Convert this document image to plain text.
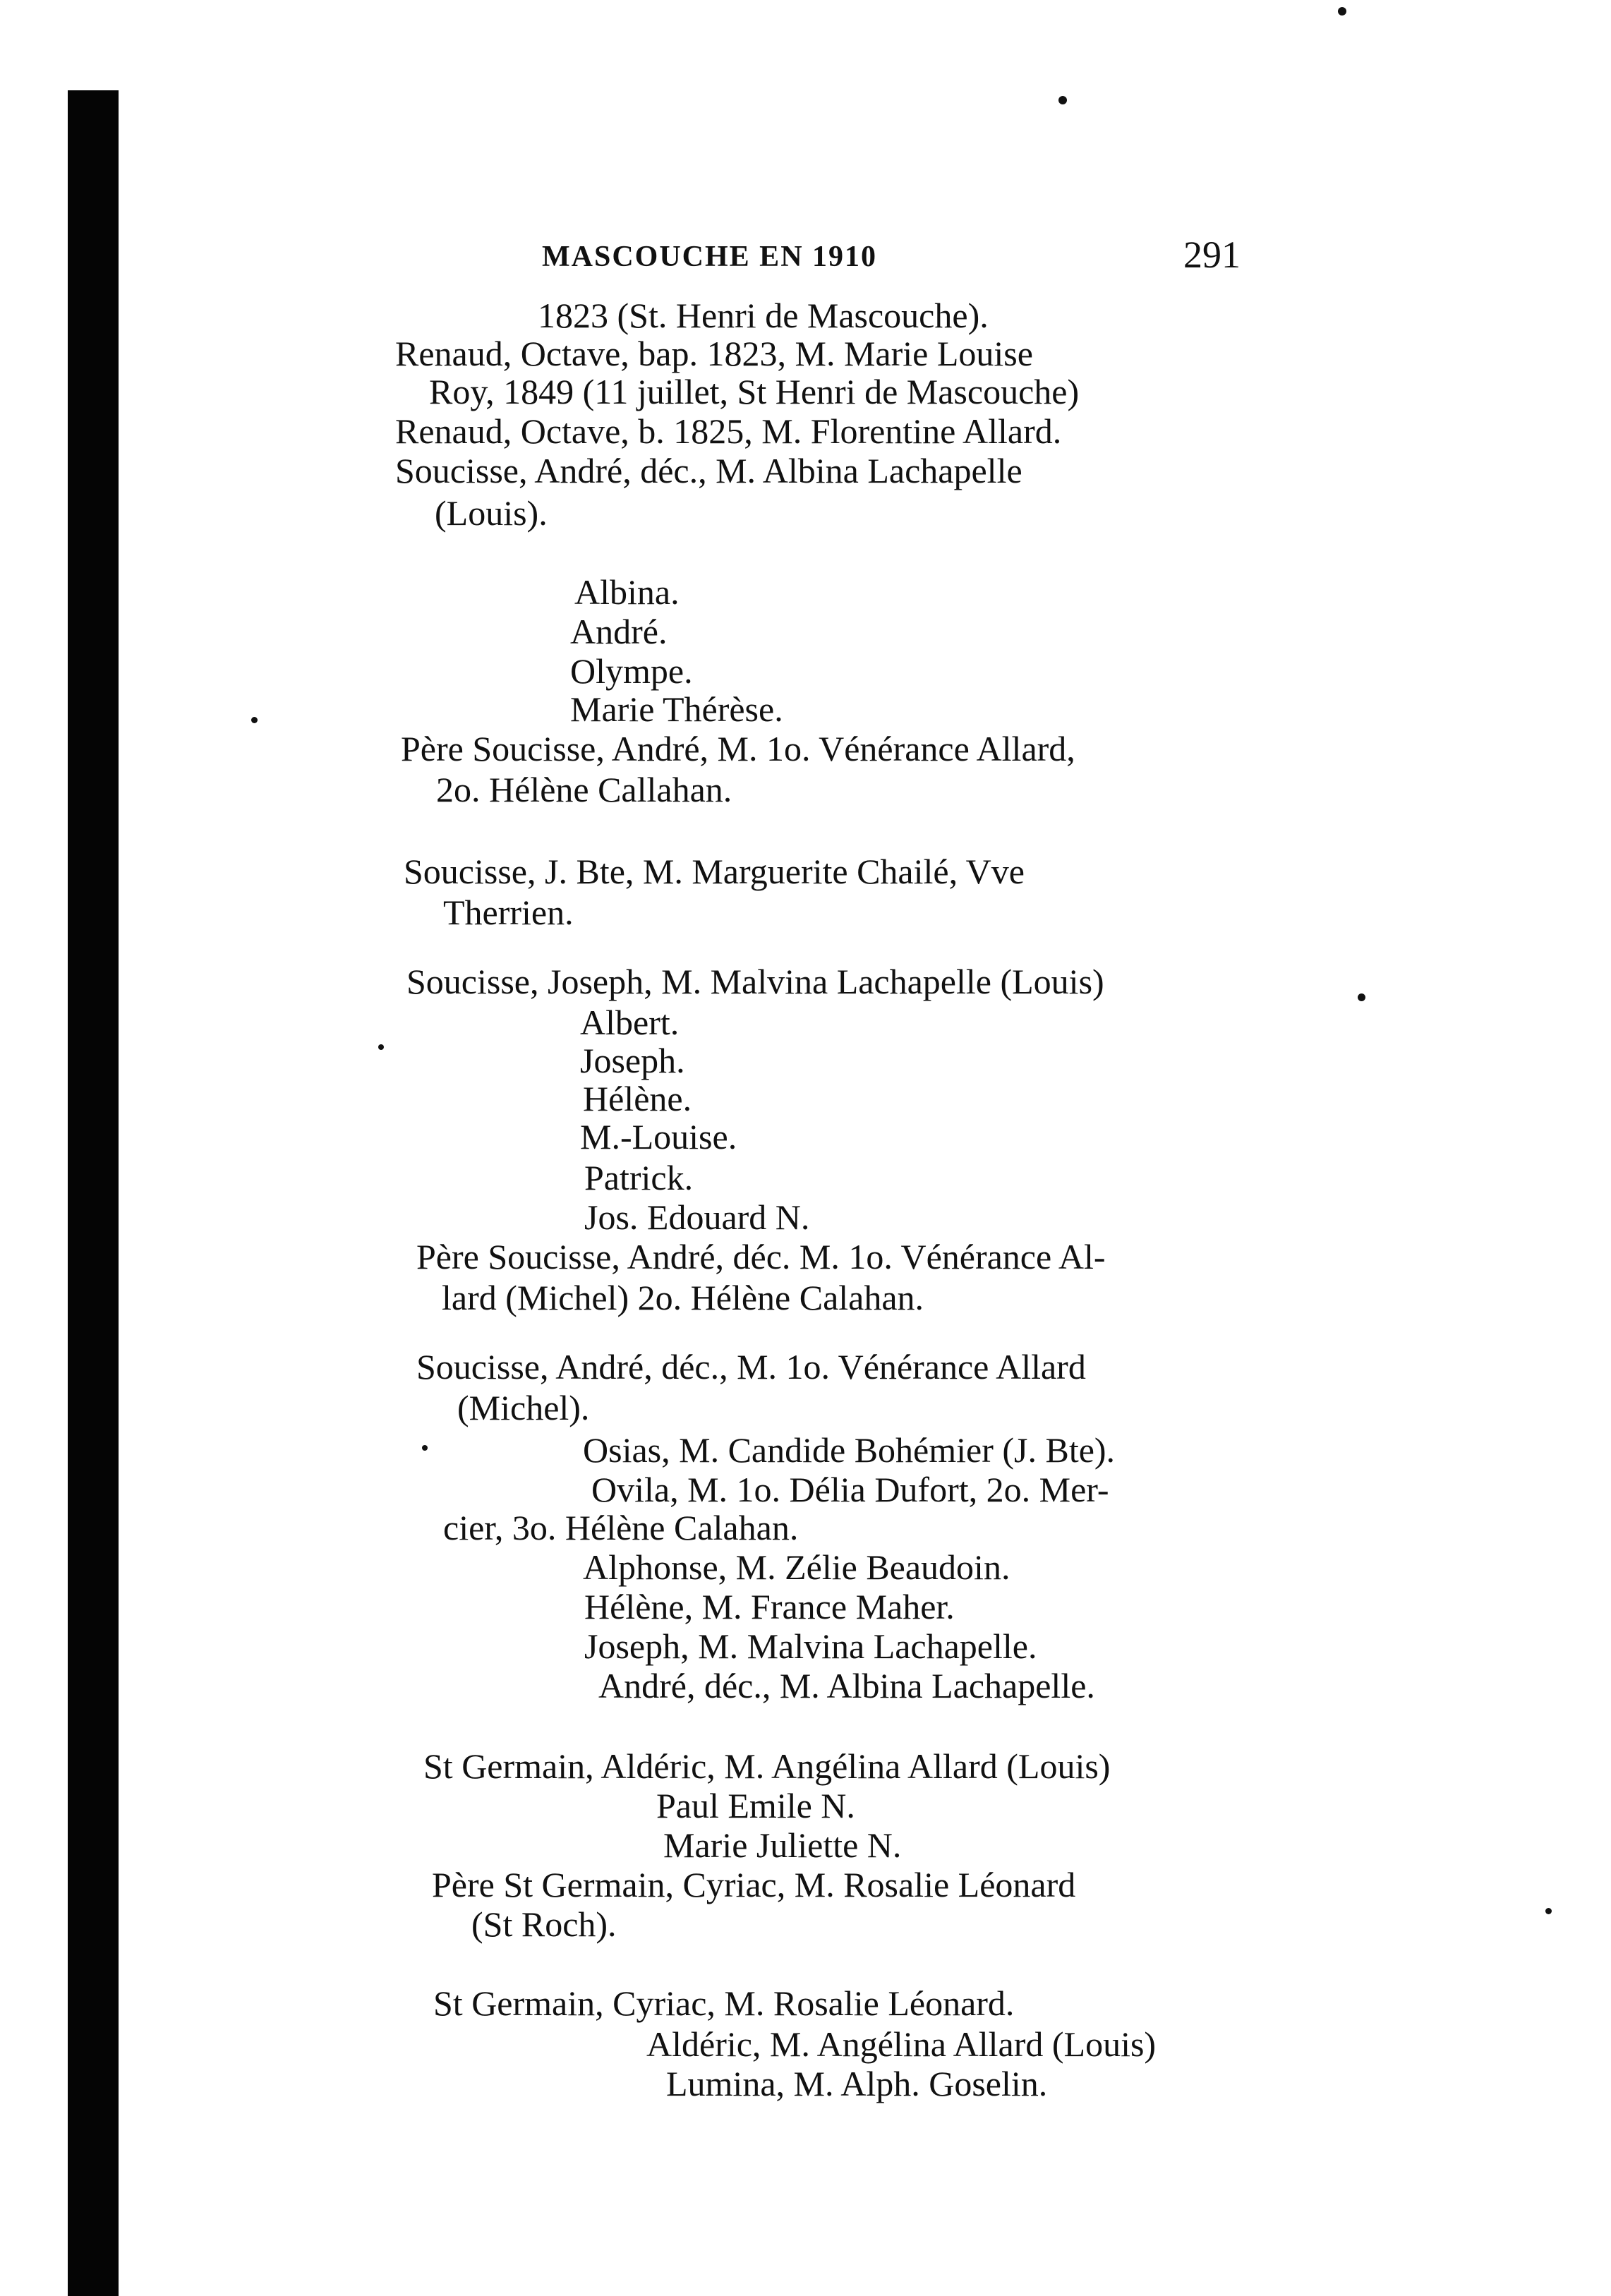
MASCOUCHE EN 1910	291
1823 (St. Henri de Mascouche).
Renaud, Octave, bap. 1823, M. Marie Louise
Roy, 1849 (11 juillet, St Henri de Mascouche)
Renaud, Octave, b. 1825, M. Florentine Allard.
Soucisse, André, déc., M. Albina Lachapelle
(Louis).
Albina.
André.
Olympe.
Marie Thérèse.
Père Soucisse, André, M. 1o. Vénérance Allard,
2o. Hélène Callahan.
Soucisse, J. Bte, M. Marguerite Chailé, Vve
Therrien.
Soucisse, Joseph, M. Malvina Lachapelle (Louis)
Albert.
Joseph.
Hélène.
M.-Louise.
Patrick.
Jos. Edouard N.
Père Soucisse, André, déc. M. 1o. Vénérance Al-
lard (Michel) 2o. Hélène Calahan.
Soucisse, André, déc., M. 1o. Vénérance Allard
(Michel).
Osias, M. Candide Bohémier (J. Bte).
Ovila, M. 1o. Délia Dufort, 2o. Mer-
cier, 3o. Hélène Calahan.
Alphonse, M. Zélie Beaudoin.
Hélène, M. France Maher.
Joseph, M. Malvina Lachapelle.
André, déc., M. Albina Lachapelle.
St Germain, Aldéric, M. Angélina Allard (Louis)
Paul Emile N.
Marie Juliette N.
Père St Germain, Cyriac, M. Rosalie Léonard
(St Roch).
St Germain, Cyriac, M. Rosalie Léonard.
Aldéric, M. Angélina Allard (Louis)
Lumina, M. Alph. Goselin.
